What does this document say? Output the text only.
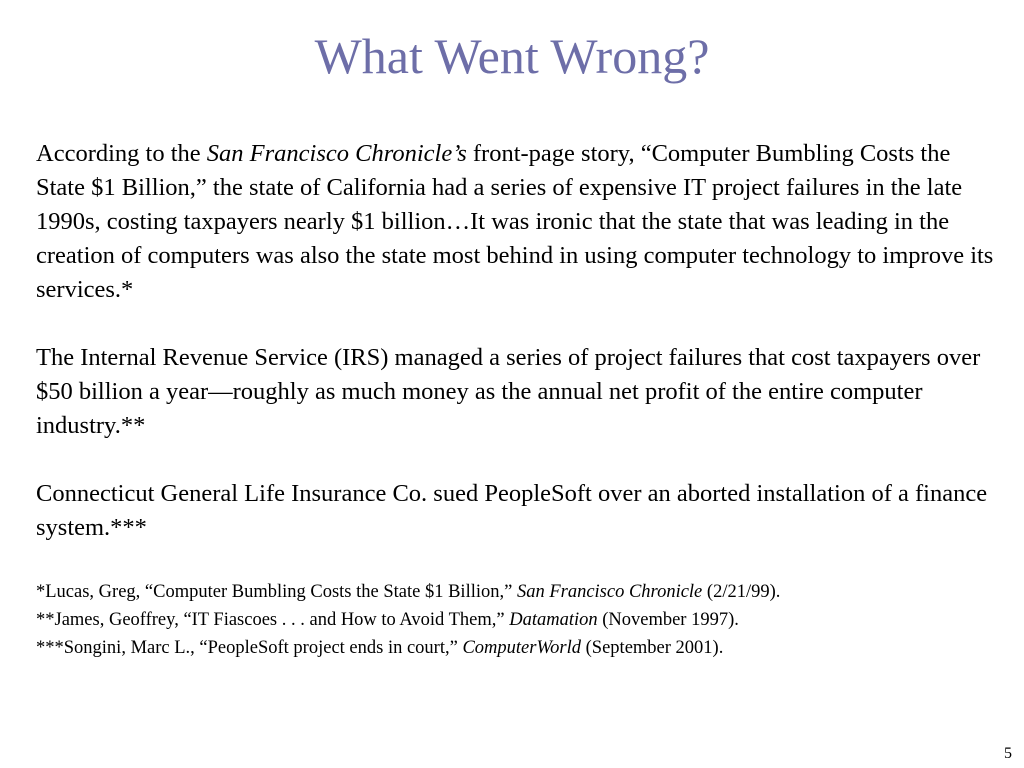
What Went Wrong?

According to the San Francisco Chronicle’s front-page story, “Computer Bumbling Costs the State $1 Billion,” the state of California had a series of expensive IT project failures in the late 1990s, costing taxpayers nearly $1 billion…It was ironic that the state that was leading in the creation of computers was also the state most behind in using computer technology to improve its services.*

The Internal Revenue Service (IRS) managed a series of project failures that cost taxpayers over $50 billion a year—roughly as much money as the annual net profit of the entire computer industry.**

Connecticut General Life Insurance Co. sued PeopleSoft over an aborted installation of a finance system.***

*Lucas, Greg, “Computer Bumbling Costs the State $1 Billion,” San Francisco Chronicle (2/21/99).

**James, Geoffrey, “IT Fiascoes . . . and How to Avoid Them,” Datamation (November 1997).

***Songini, Marc L., “PeopleSoft project ends in court,” ComputerWorld (September 2001).

5
